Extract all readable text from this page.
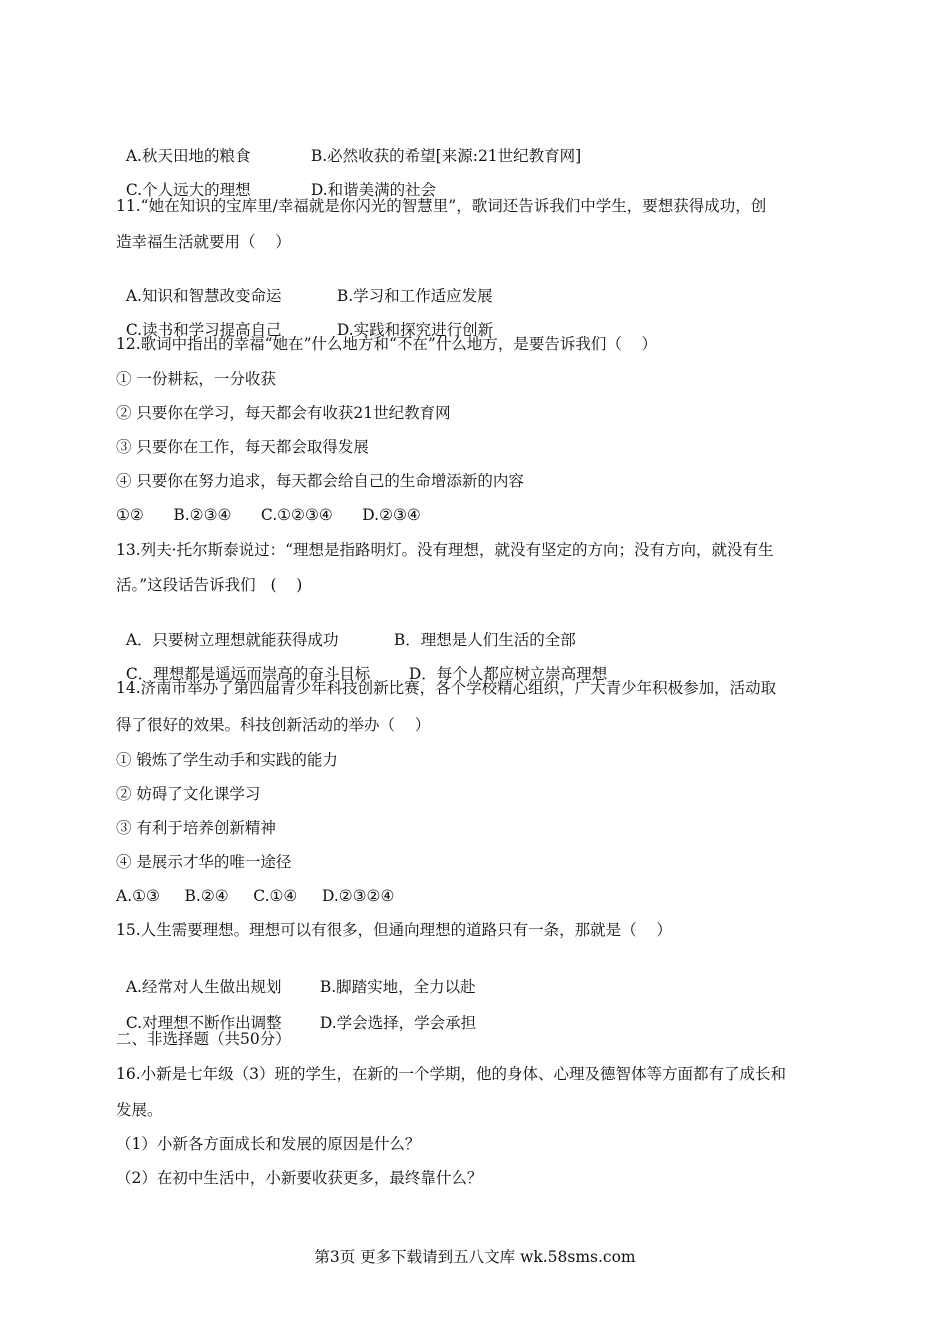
A.秋天田地的粮食	B.必然收获的希望[来源:21世纪教育网]

C.个人远大的理想	D.和谐美满的社会

11.“她在知识的宝库里/幸福就是你闪光的智慧里”，歌词还告诉我们中学生，要想获得成功，创
造幸福生活就要用（    ）

A.知识和智慧改变命运	B.学习和工作适应发展

C.读书和学习提高自己	D.实践和探究进行创新

12.歌词中指出的幸福“她在”什么地方和“不在”什么地方，是要告诉我们（    ）
① 一份耕耘，一分收获
② 只要你在学习，每天都会有收获21世纪教育网
③ 只要你在工作，每天都会取得发展
④ 只要你在努力追求，每天都会给自己的生命增添新的内容
①②      B.②③④      C.①②③④      D.②③④
13.列夫·托尔斯泰说过：“理想是指路明灯。没有理想，就没有坚定的方向；没有方向，就没有生
活。”这段话告诉我们   (    )

A．只要树立理想就能获得成功	B．理想是人们生活的全部

C．理想都是遥远而崇高的奋斗目标 D．每个人都应树立崇高理想

14.济南市举办了第四届青少年科技创新比赛，各个学校精心组织，广大青少年积极参加，活动取
得了很好的效果。科技创新活动的举办（    ）
① 锻炼了学生动手和实践的能力
② 妨碍了文化课学习
③ 有利于培养创新精神
④ 是展示才华的唯一途径
A.①③     B.②④     C.①④     D.②③②④
15.人生需要理想。理想可以有很多，但通向理想的道路只有一条，那就是（    ）

A.经常对人生做出规划 B.脚踏实地，全力以赴

C.对理想不断作出调整 D.学会选择，学会承担

二、非选择题（共50分）
16.小新是七年级（3）班的学生，在新的一个学期，他的身体、心理及德智体等方面都有了成长和
发展。
（1）小新各方面成长和发展的原因是什么？
（2）在初中生活中，小新要收获更多，最终靠什么？
第3页 更多下载请到五八文库 wk.58sms.com
